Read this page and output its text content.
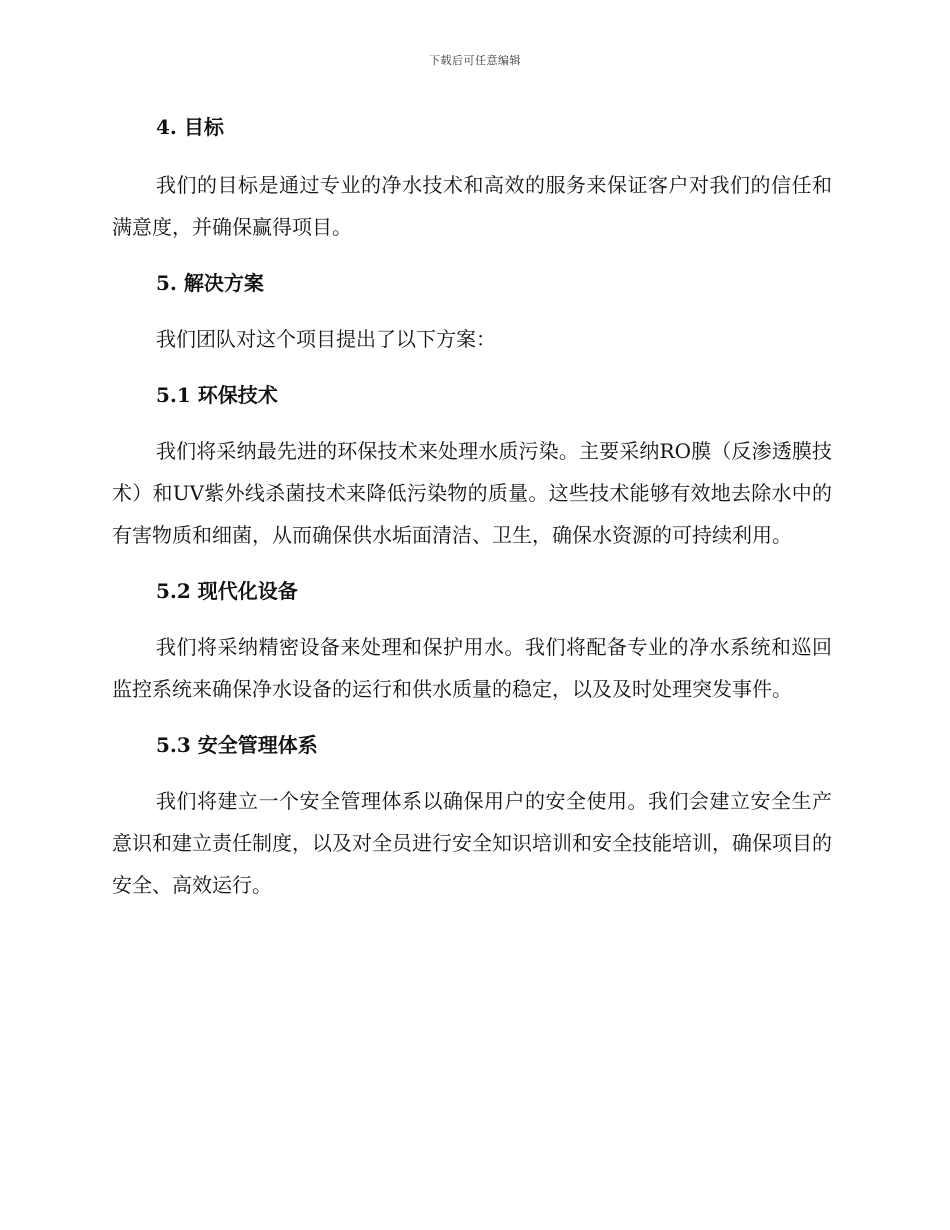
下载后可任意编辑
4. 目标

我们的目标是通过专业的净水技术和高效的服务来保证客户对我们的信任和满意度，并确保赢得项目。

5. 解决方案

我们团队对这个项目提出了以下方案：

5.1 环保技术

我们将采纳最先进的环保技术来处理水质污染。主要采纳RO膜（反渗透膜技术）和UV紫外线杀菌技术来降低污染物的质量。这些技术能够有效地去除水中的有害物质和细菌，从而确保供水垢面清洁、卫生，确保水资源的可持续利用。

5.2 现代化设备

我们将采纳精密设备来处理和保护用水。我们将配备专业的净水系统和巡回监控系统来确保净水设备的运行和供水质量的稳定，以及及时处理突发事件。

5.3 安全管理体系

我们将建立一个安全管理体系以确保用户的安全使用。我们会建立安全生产意识和建立责任制度，以及对全员进行安全知识培训和安全技能培训，确保项目的安全、高效运行。
